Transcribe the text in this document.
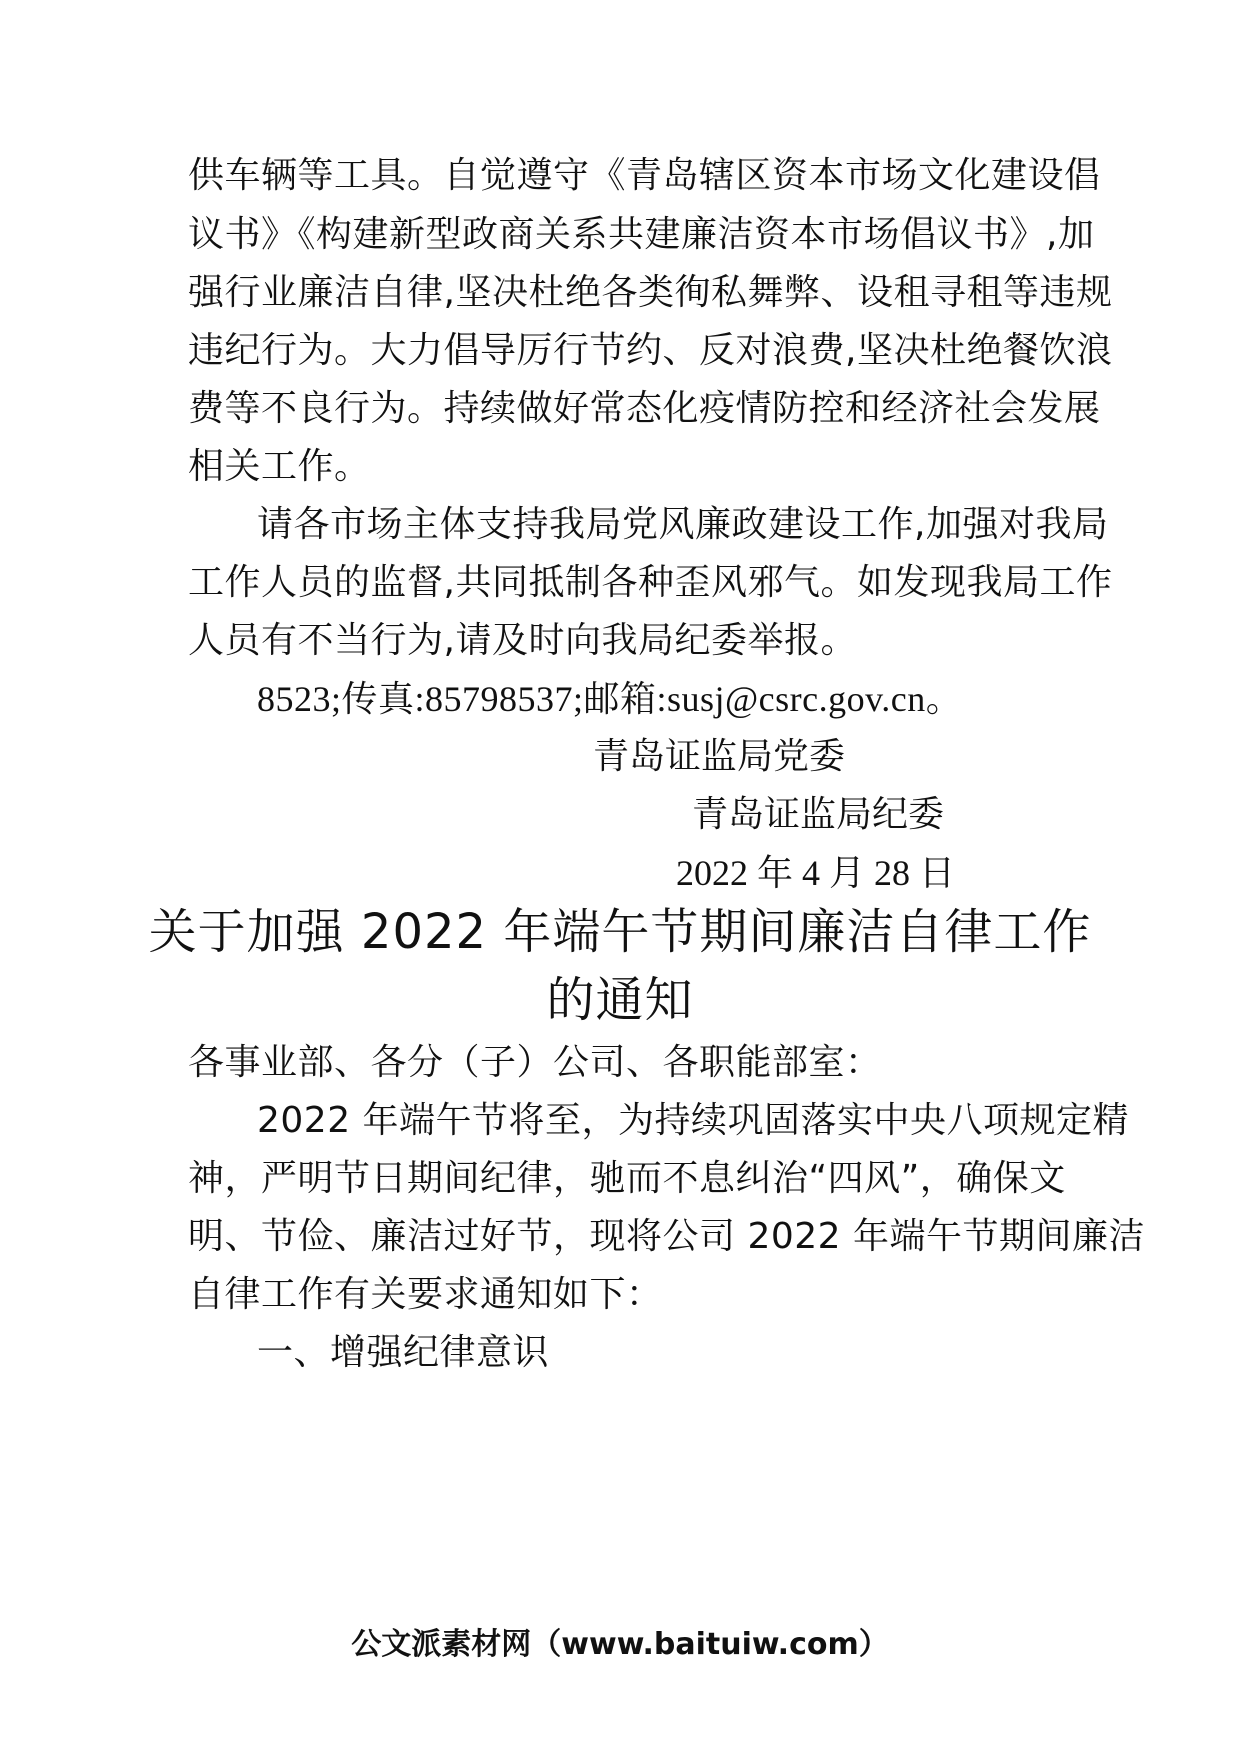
供车辆等工具。自觉遵守《青岛辖区资本市场文化建设倡
议书》《构建新型政商关系共建廉洁资本市场倡议书》,加
强行业廉洁自律,坚决杜绝各类徇私舞弊、设租寻租等违规
违纪行为。大力倡导厉行节约、反对浪费,坚决杜绝餐饮浪
费等不良行为。持续做好常态化疫情防控和经济社会发展
相关工作。
请各市场主体支持我局党风廉政建设工作,加强对我局
工作人员的监督,共同抵制各种歪风邪气。如发现我局工作
人员有不当行为,请及时向我局纪委举报。
8523;传真:85798537;邮箱:susj@csrc.gov.cn。
青岛证监局党委
青岛证监局纪委
2022 年 4 月 28 日
关于加强 2022 年端午节期间廉洁自律工作
的通知
各事业部、各分（子）公司、各职能部室：
2022 年端午节将至，为持续巩固落实中央八项规定精
神，严明节日期间纪律，驰而不息纠治“四风”，确保文
明、节俭、廉洁过好节，现将公司 2022 年端午节期间廉洁
自律工作有关要求通知如下：
一、增强纪律意识
公文派素材网（www.baituiw.com）
